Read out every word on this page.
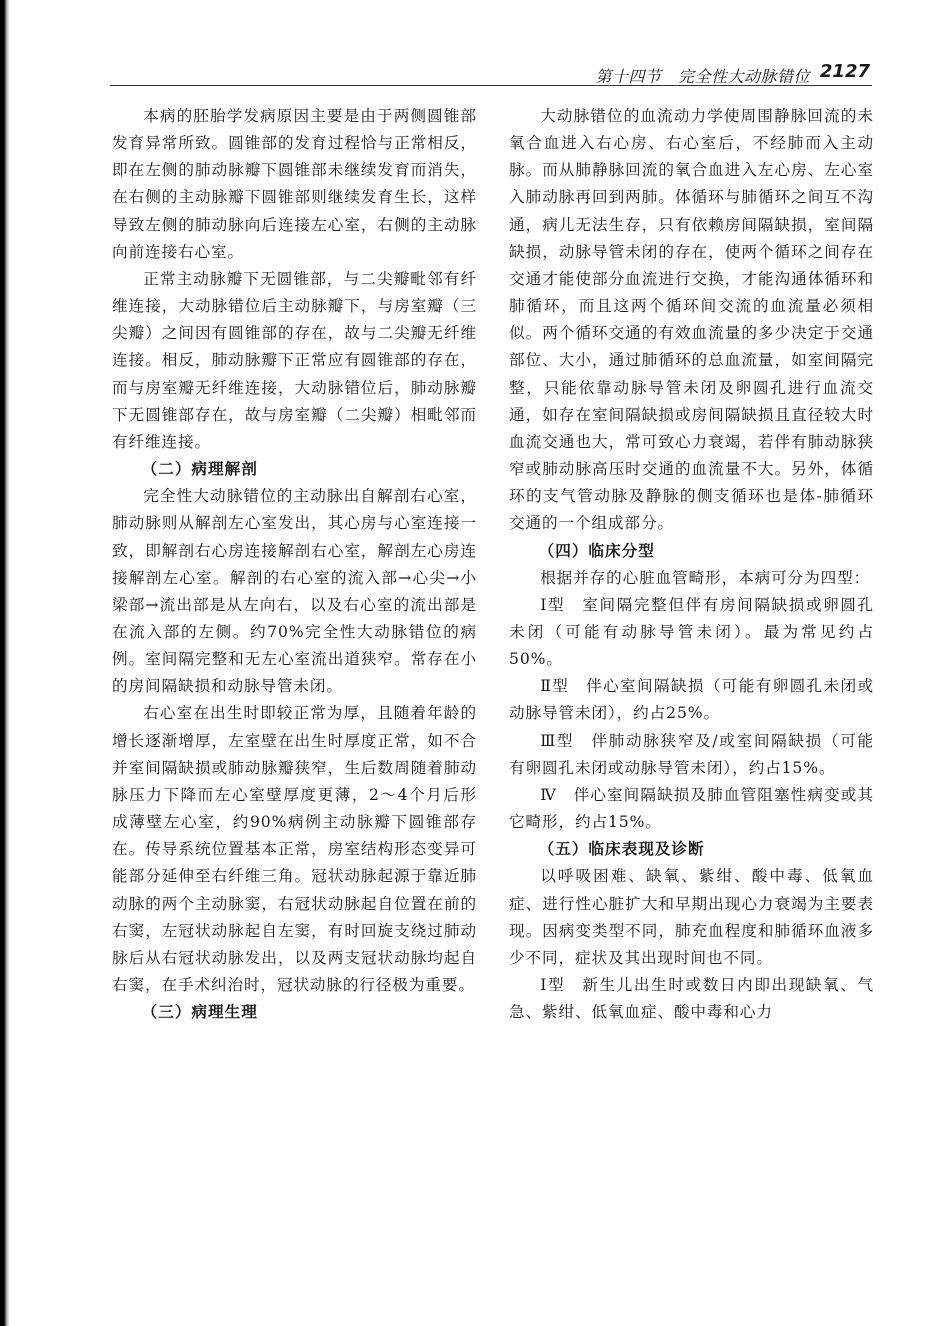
第十四节　完全性大动脉错位 2127

本病的胚胎学发病原因主要是由于两侧圆锥部发育异常所致。圆锥部的发育过程恰与正常相反，即在左侧的肺动脉瓣下圆锥部未继续发育而消失，在右侧的主动脉瓣下圆锥部则继续发育生长，这样导致左侧的肺动脉向后连接左心室，右侧的主动脉向前连接右心室。

正常主动脉瓣下无圆锥部，与二尖瓣毗邻有纤维连接，大动脉错位后主动脉瓣下，与房室瓣（三尖瓣）之间因有圆锥部的存在，故与二尖瓣无纤维连接。相反，肺动脉瓣下正常应有圆锥部的存在，而与房室瓣无纤维连接，大动脉错位后，肺动脉瓣下无圆锥部存在，故与房室瓣（二尖瓣）相毗邻而有纤维连接。

（二）病理解剖

完全性大动脉错位的主动脉出自解剖右心室，肺动脉则从解剖左心室发出，其心房与心室连接一致，即解剖右心房连接解剖右心室，解剖左心房连接解剖左心室。解剖的右心室的流入部→心尖→小梁部→流出部是从左向右，以及右心室的流出部是在流入部的左侧。约70%完全性大动脉错位的病例。室间隔完整和无左心室流出道狭窄。常存在小的房间隔缺损和动脉导管未闭。

右心室在出生时即较正常为厚，且随着年龄的增长逐渐增厚，左室壁在出生时厚度正常，如不合并室间隔缺损或肺动脉瓣狭窄，生后数周随着肺动脉压力下降而左心室壁厚度更薄，2～4个月后形成薄壁左心室，约90%病例主动脉瓣下圆锥部存在。传导系统位置基本正常，房室结构形态变异可能部分延伸至右纤维三角。冠状动脉起源于靠近肺动脉的两个主动脉窦，右冠状动脉起自位置在前的右窦，左冠状动脉起自左窦，有时回旋支绕过肺动脉后从右冠状动脉发出，以及两支冠状动脉均起自右窦，在手术纠治时，冠状动脉的行径极为重要。

（三）病理生理

大动脉错位的血流动力学使周围静脉回流的未氧合血进入右心房、右心室后，不经肺而入主动脉。而从肺静脉回流的氧合血进入左心房、左心室入肺动脉再回到两肺。体循环与肺循环之间互不沟通，病儿无法生存，只有依赖房间隔缺损，室间隔缺损，动脉导管未闭的存在，使两个循环之间存在交通才能使部分血流进行交换，才能沟通体循环和肺循环，而且这两个循环间交流的血流量必须相似。两个循环交通的有效血流量的多少决定于交通部位、大小，通过肺循环的总血流量，如室间隔完整，只能依靠动脉导管未闭及卵圆孔进行血流交通，如存在室间隔缺损或房间隔缺损且直径较大时血流交通也大，常可致心力衰竭，若伴有肺动脉狭窄或肺动脉高压时交通的血流量不大。另外，体循环的支气管动脉及静脉的侧支循环也是体-肺循环交通的一个组成部分。

（四）临床分型

根据并存的心脏血管畸形，本病可分为四型：

Ⅰ型　室间隔完整但伴有房间隔缺损或卵圆孔未闭（可能有动脉导管未闭）。最为常见约占50%。

Ⅱ型　伴心室间隔缺损（可能有卵圆孔未闭或动脉导管未闭），约占25%。

Ⅲ型　伴肺动脉狭窄及/或室间隔缺损（可能有卵圆孔未闭或动脉导管未闭），约占15%。

Ⅳ　伴心室间隔缺损及肺血管阻塞性病变或其它畸形，约占15%。

（五）临床表现及诊断

以呼吸困难、缺氧、紫绀、酸中毒、低氧血症、进行性心脏扩大和早期出现心力衰竭为主要表现。因病变类型不同，肺充血程度和肺循环血液多少不同，症状及其出现时间也不同。

Ⅰ型　新生儿出生时或数日内即出现缺氧、气急、紫绀、低氧血症、酸中毒和心力
